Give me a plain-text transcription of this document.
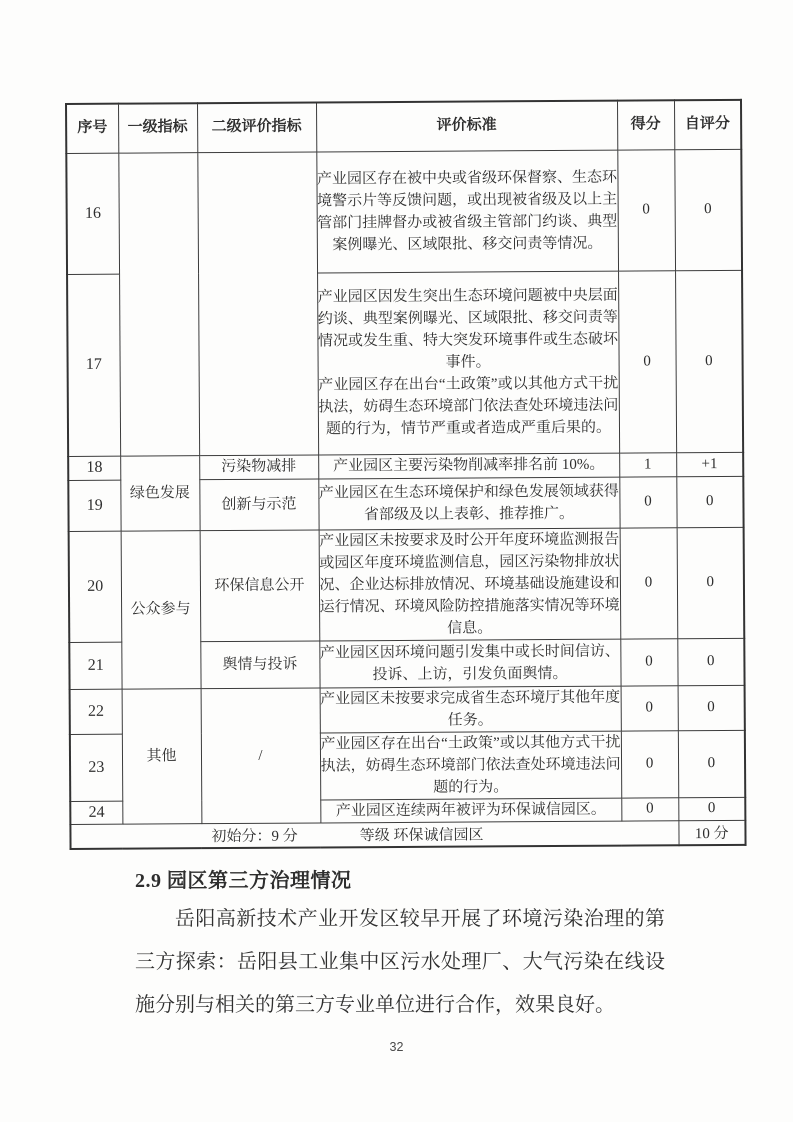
序号	一级指标	二级评价指标	评价标准	得分	自评分
16			产业园区存在被中央或省级环保督察、生态环境警示片等反馈问题，或出现被省级及以上主管部门挂牌督办或被省级主管部门约谈、典型案例曝光、区域限批、移交问责等情况。	0	0
17			产业园区因发生突出生态环境问题被中央层面约谈、典型案例曝光、区域限批、移交问责等情况或发生重、特大突发环境事件或生态破坏事件。

产业园区存在出台“土政策”或以其他方式干扰执法，妨碍生态环境部门依法查处环境违法问题的行为，情节严重或者造成严重后果的。	0	0
18	绿色发展	污染物减排	产业园区主要污染物削减率排名前 10%。	1	+1
19		创新与示范	产业园区在生态环境保护和绿色发展领域获得省部级及以上表彰、推荐推广。	0	0
20	公众参与	环保信息公开	产业园区未按要求及时公开年度环境监测报告或园区年度环境监测信息，园区污染物排放状况、企业达标排放情况、环境基础设施建设和运行情况、环境风险防控措施落实情况等环境信息。	0	0
21		舆情与投诉	产业园区因环境问题引发集中或长时间信访、投诉、上访，引发负面舆情。	0	0
22	其他	/	产业园区未按要求完成省生态环境厅其他年度任务。	0	0
23			产业园区存在出台“土政策”或以其他方式干扰执法，妨碍生态环境部门依法查处环境违法问题的行为。	0	0
24			产业园区连续两年被评为环保诚信园区。	0	0

初始分：9 分 等级 环保诚信园区					10 分
2.9 园区第三方治理情况
岳阳高新技术产业开发区较早开展了环境污染治理的第三方探索：岳阳县工业集中区污水处理厂、大气污染在线设施分别与相关的第三方专业单位进行合作，效果良好。
32
